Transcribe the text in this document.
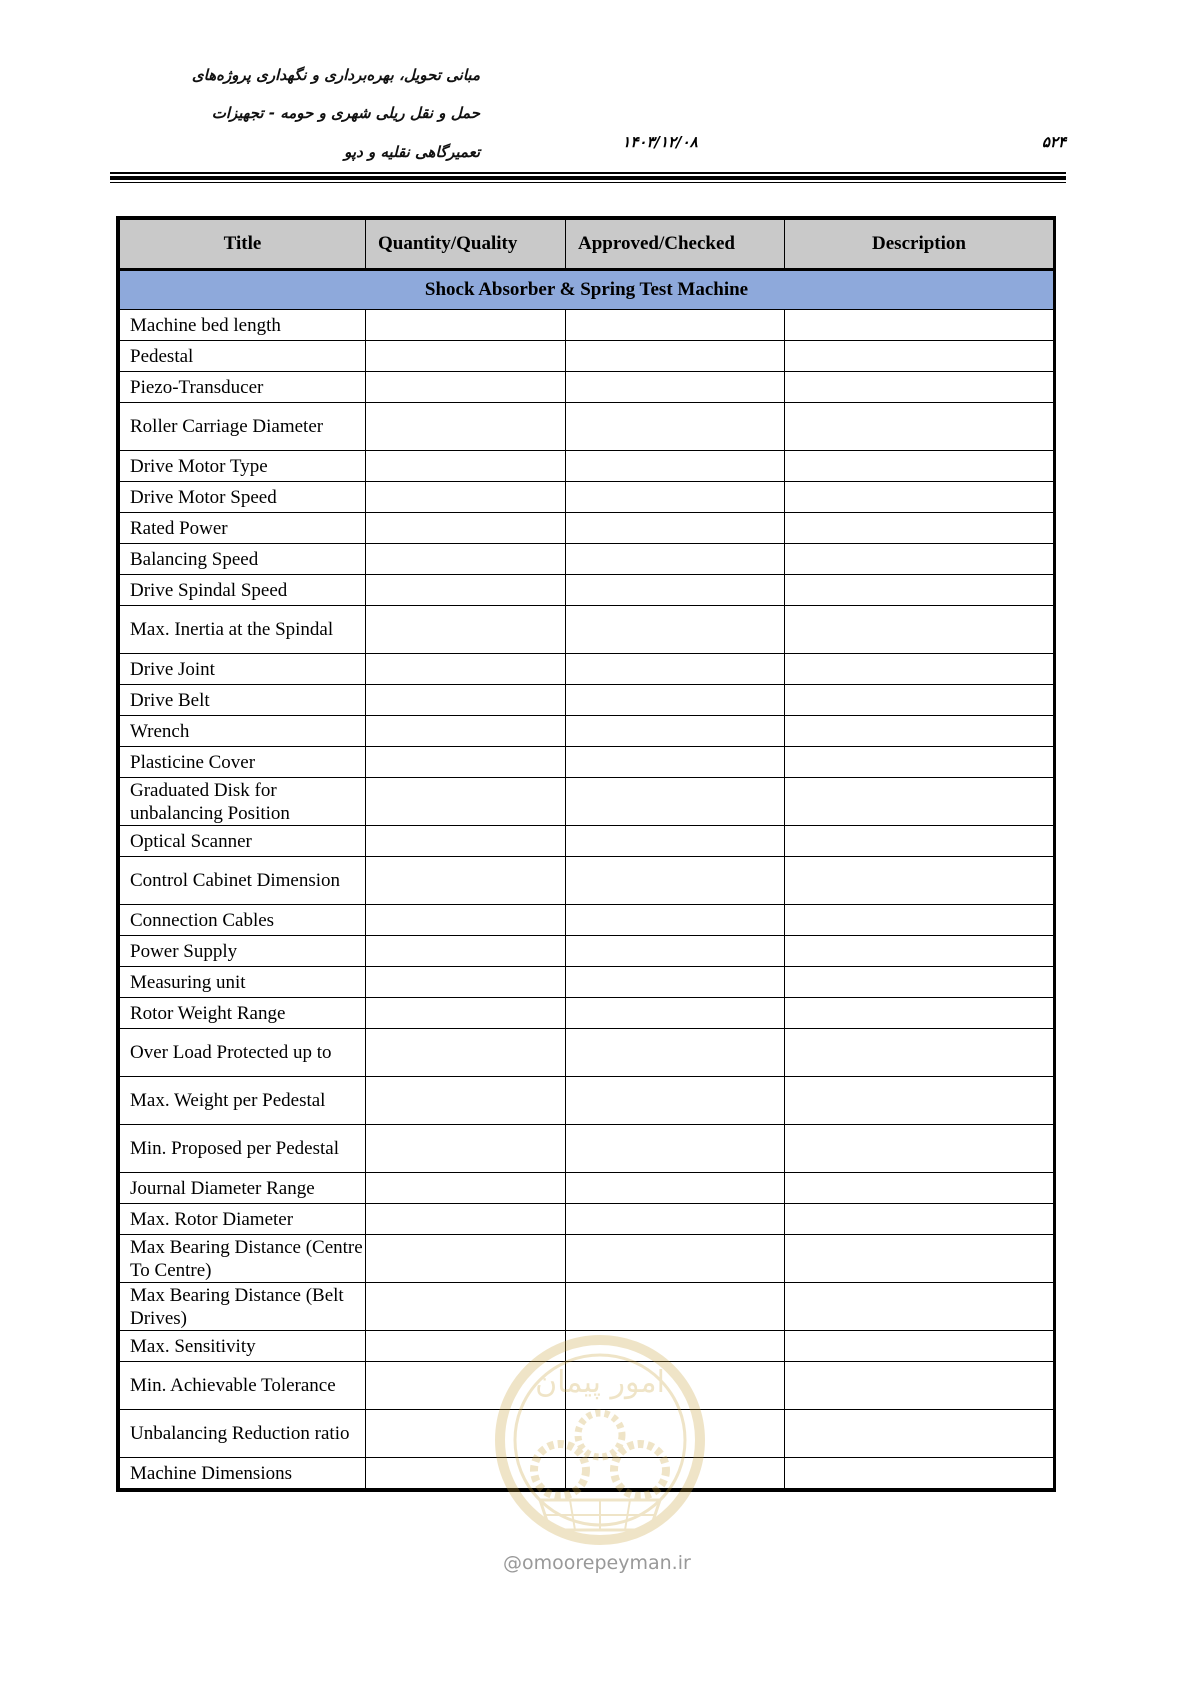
مبانی تحویل، بهره‌برداری و نگهداری پروژه‌های
حمل و نقل ریلی شهری و حومه - تجهیزات
تعمیرگاهی نقلیه و دپو
۱۴۰۳/۱۲/۰۸	۵۲۴
Title	Quantity/Quality	Approved/Checked	Description
Shock Absorber & Spring Test Machine			
Machine bed length			
Pedestal			
Piezo-Transducer			
Roller Carriage Diameter			
Drive Motor Type			
Drive Motor Speed			
Rated Power			
Balancing Speed			
Drive Spindal Speed			
Max. Inertia at the Spindal			
Drive Joint			
Drive Belt			
Wrench			
Plasticine Cover			
Graduated Disk for unbalancing Position			
Optical Scanner			
Control Cabinet Dimension			
Connection Cables			
Power Supply			
Measuring unit			
Rotor Weight Range			
Over Load Protected up to			
Max. Weight per Pedestal			
Min. Proposed per Pedestal			
Journal Diameter Range			
Max. Rotor Diameter			
Max Bearing Distance (Centre To Centre)			
Max Bearing Distance (Belt Drives)			
Max. Sensitivity			
Min. Achievable Tolerance			
Unbalancing Reduction ratio			
Machine Dimensions			
امور پیمان
@omoorepeyman.ir
